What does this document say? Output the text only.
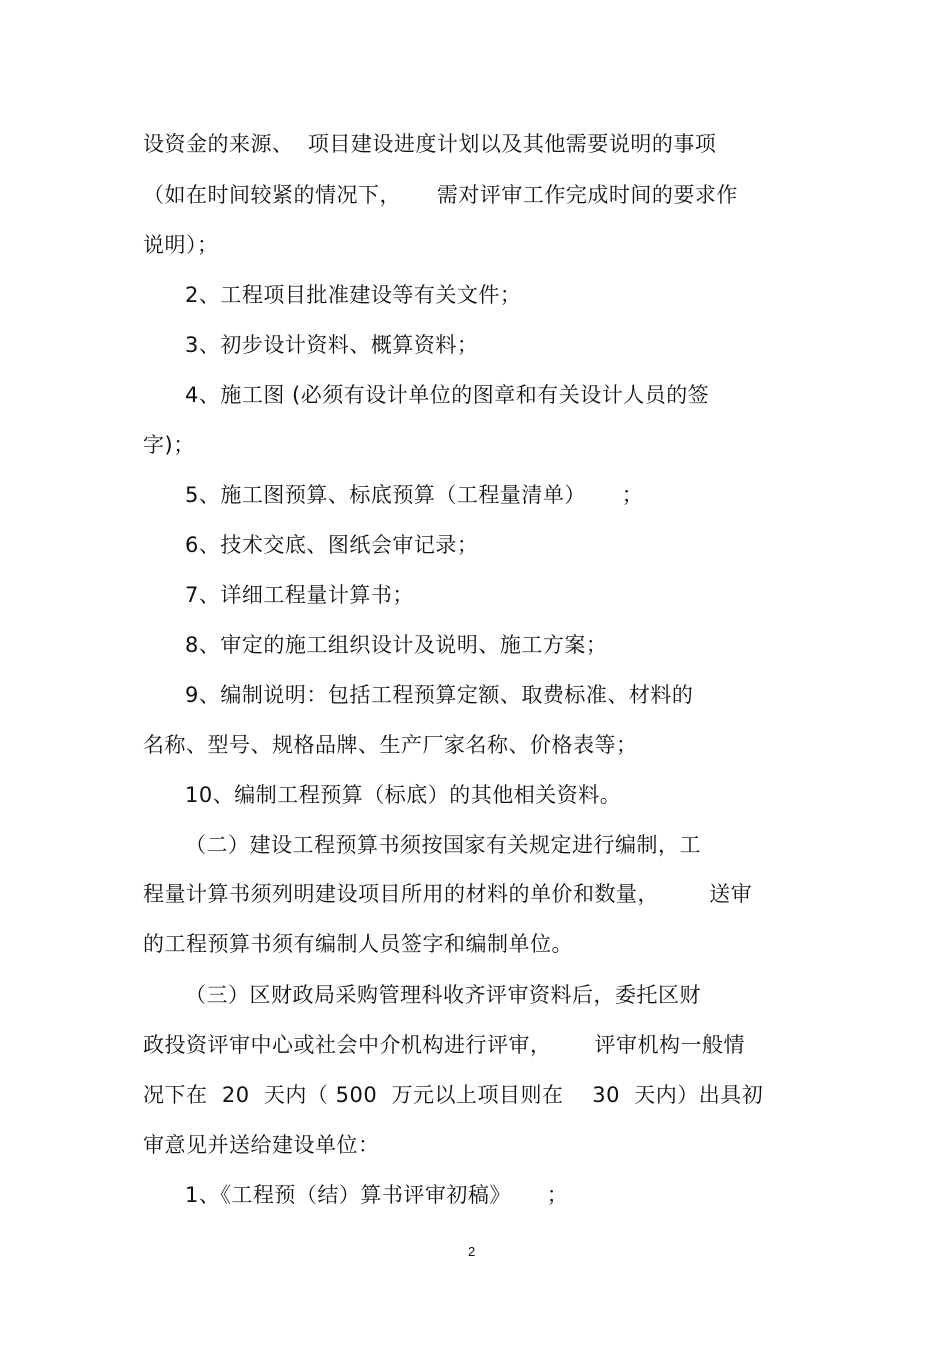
设资金的来源、  项目建设进度计划以及其他需要说明的事项
（如在时间较紧的情况下，     需对评审工作完成时间的要求作
说明）；
2、工程项目批准建设等有关文件；
3、初步设计资料、概算资料；
4、施工图 (必须有设计单位的图章和有关设计人员的签
字)；
5、施工图预算、标底预算（工程量清单）     ；
6、技术交底、图纸会审记录；
7、详细工程量计算书；
8、审定的施工组织设计及说明、施工方案；
9、编制说明：包括工程预算定额、取费标准、材料的
名称、型号、规格品牌、生产厂家名称、价格表等；
10、编制工程预算（标底）的其他相关资料。
（二）建设工程预算书须按国家有关规定进行编制，工
程量计算书须列明建设项目所用的材料的单价和数量，       送审
的工程预算书须有编制人员签字和编制单位。
（三）区财政局采购管理科收齐评审资料后，委托区财
政投资评审中心或社会中介机构进行评审，      评审机构一般情
况下在  20  天内（ 500  万元以上项目则在    30  天内）出具初
审意见并送给建设单位：
1、《工程预（结）算书评审初稿》     ；
2
